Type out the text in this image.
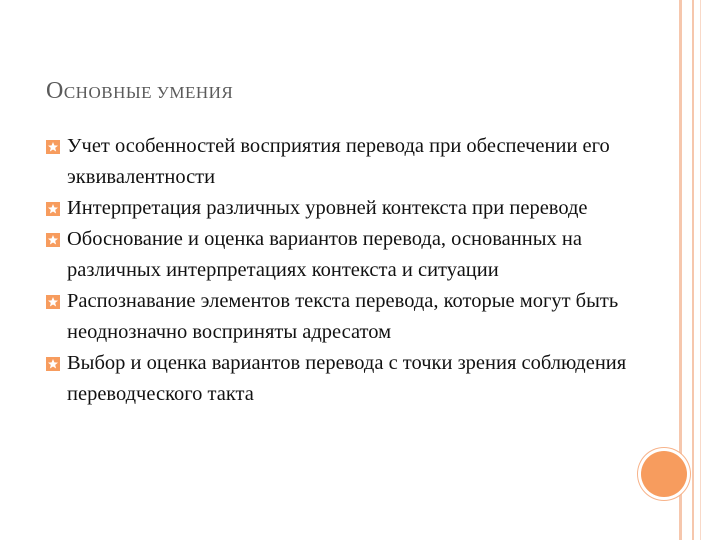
ОСНОВНЫЕ УМЕНИЯ
Учет особенностей восприятия перевода при обеспечении его эквивалентности
Интерпретация различных уровней контекста при переводе
Обоснование и оценка вариантов перевода, основанных на различных интерпретациях контекста и ситуации
Распознавание элементов текста перевода, которые могут быть неоднозначно восприняты адресатом
Выбор и оценка вариантов перевода с точки зрения соблюдения переводческого такта
